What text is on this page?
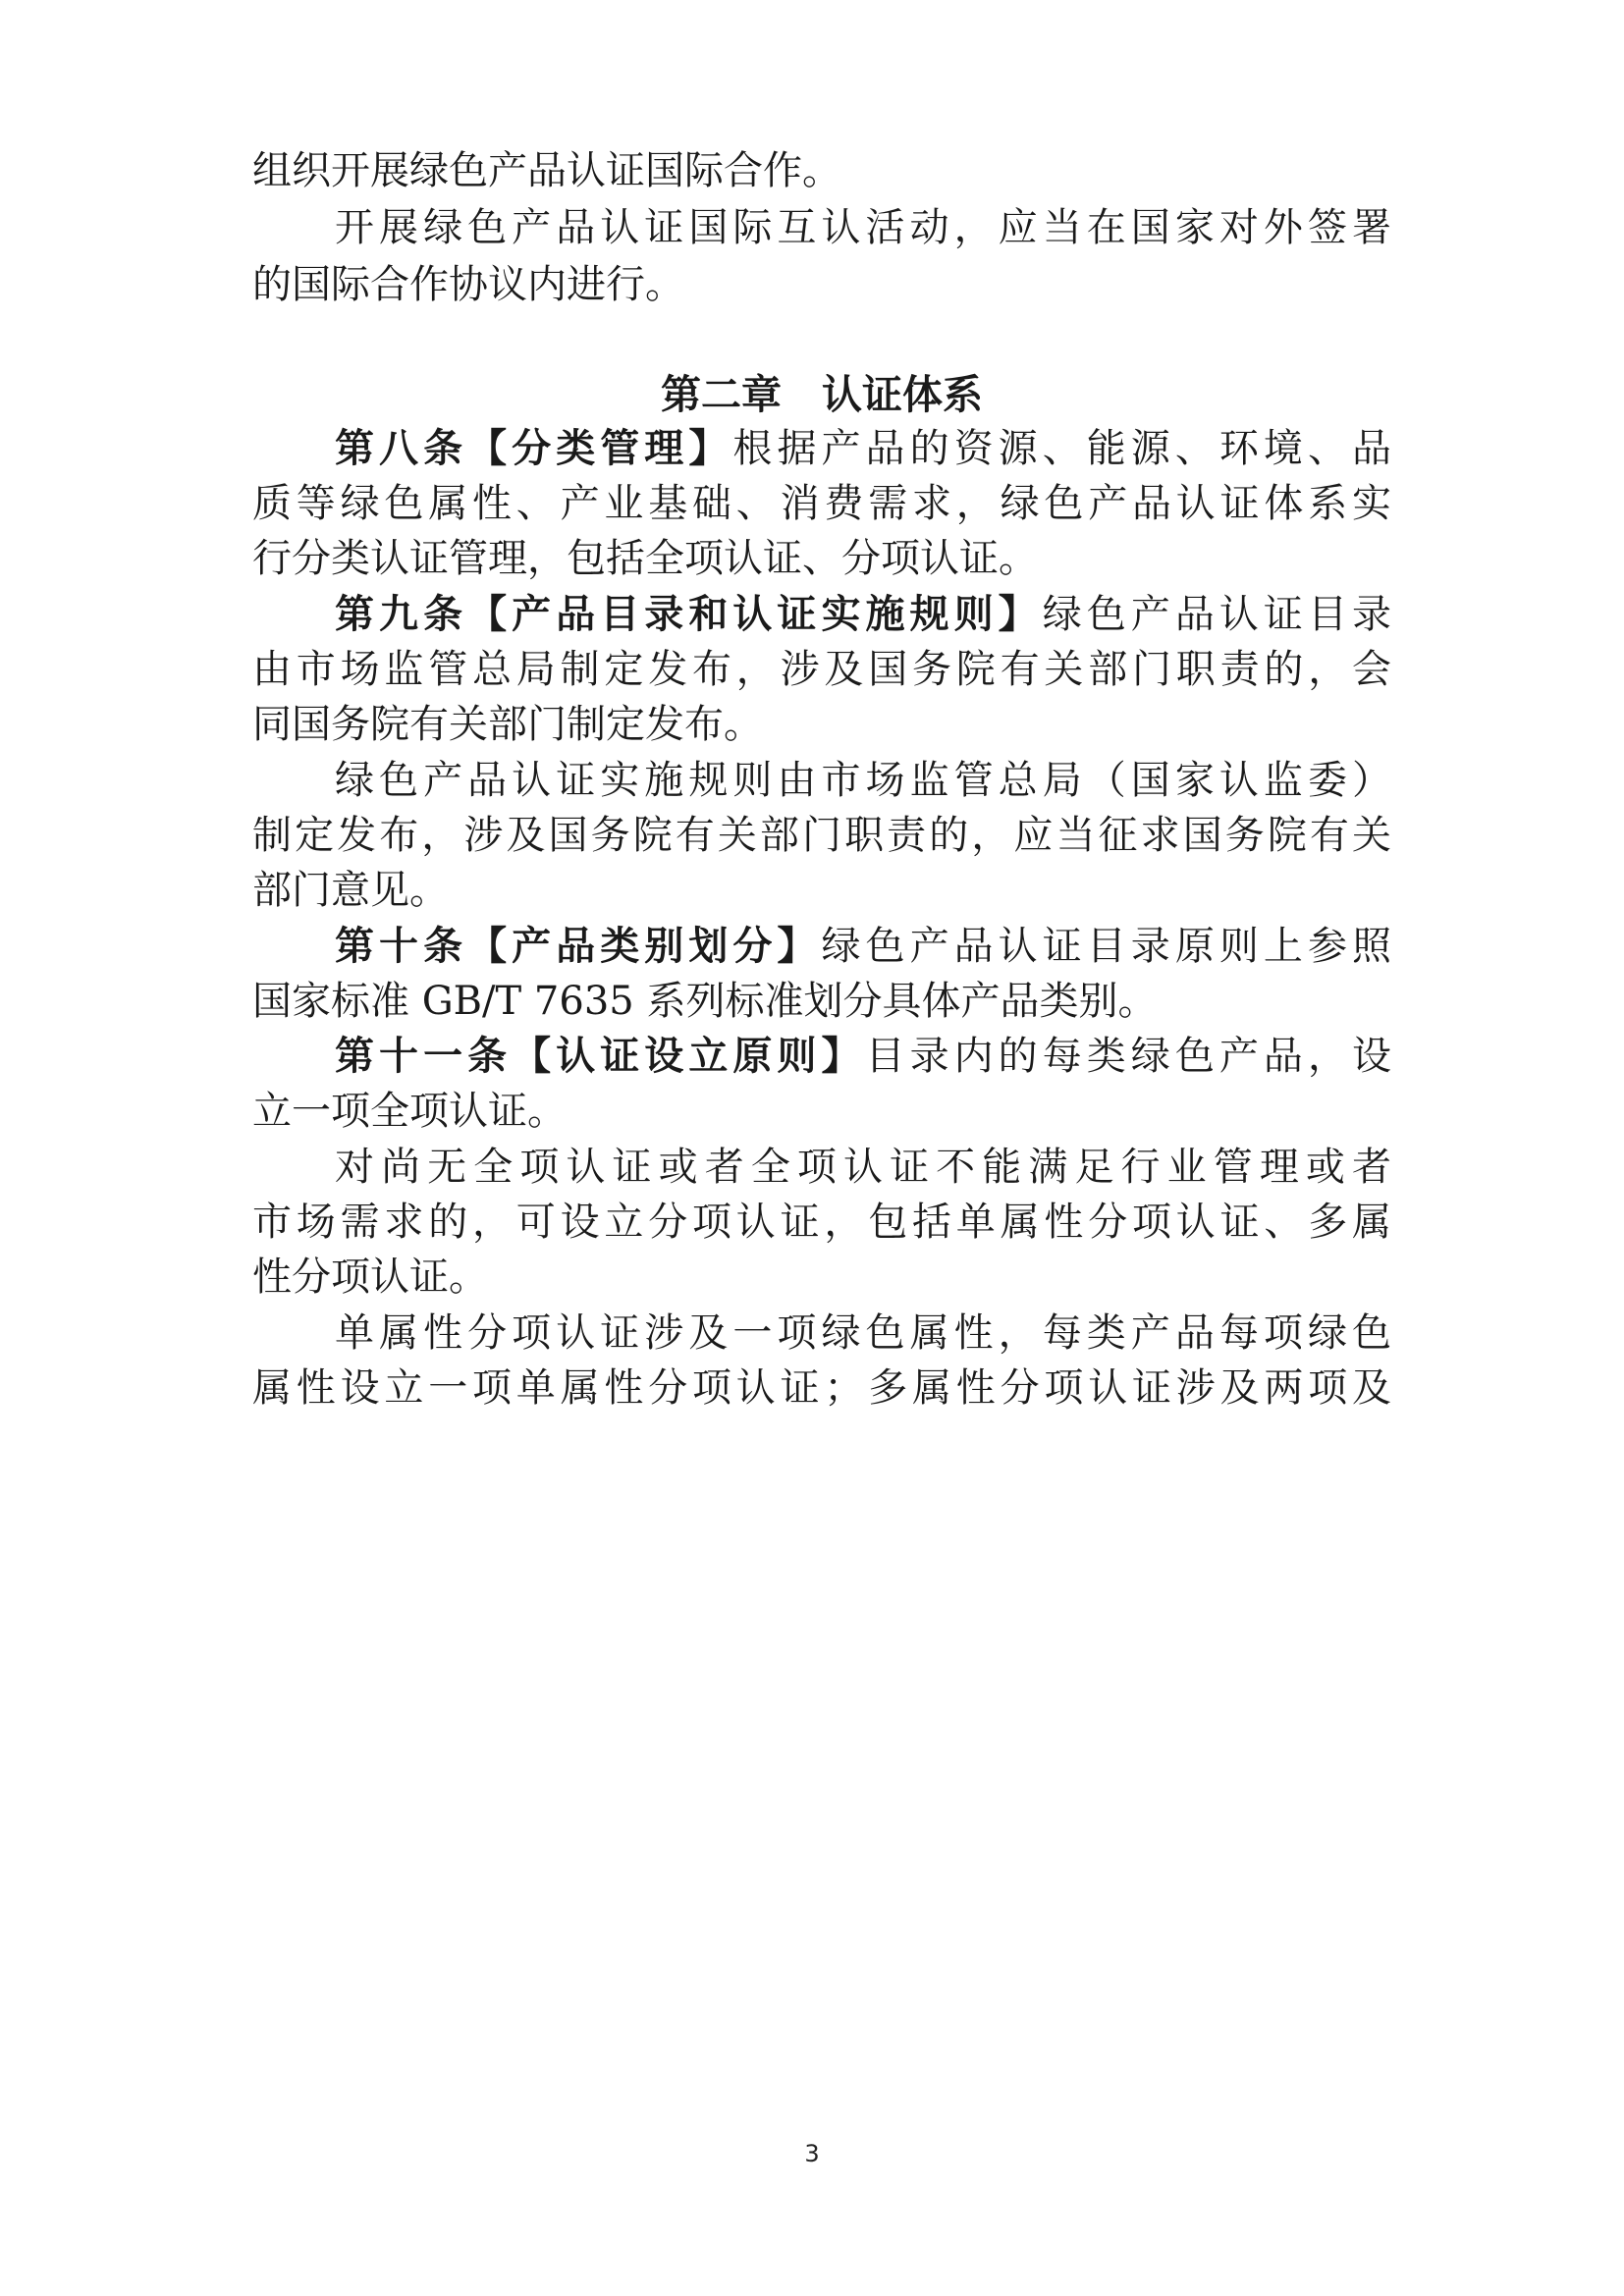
组织开展绿色产品认证国际合作。
开展绿色产品认证国际互认活动，应当在国家对外签署
的国际合作协议内进行。
第二章　认证体系
第八条【分类管理】根据产品的资源、能源、环境、品
质等绿色属性、产业基础、消费需求，绿色产品认证体系实
行分类认证管理，包括全项认证、分项认证。
第九条【产品目录和认证实施规则】绿色产品认证目录
由市场监管总局制定发布，涉及国务院有关部门职责的，会
同国务院有关部门制定发布。
绿色产品认证实施规则由市场监管总局（国家认监委）
制定发布，涉及国务院有关部门职责的，应当征求国务院有关
部门意见。
第十条【产品类别划分】绿色产品认证目录原则上参照
国家标准 GB/T 7635 系列标准划分具体产品类别。
第十一条【认证设立原则】目录内的每类绿色产品，设
立一项全项认证。
对尚无全项认证或者全项认证不能满足行业管理或者
市场需求的，可设立分项认证，包括单属性分项认证、多属
性分项认证。
单属性分项认证涉及一项绿色属性，每类产品每项绿色
属性设立一项单属性分项认证；多属性分项认证涉及两项及
3
